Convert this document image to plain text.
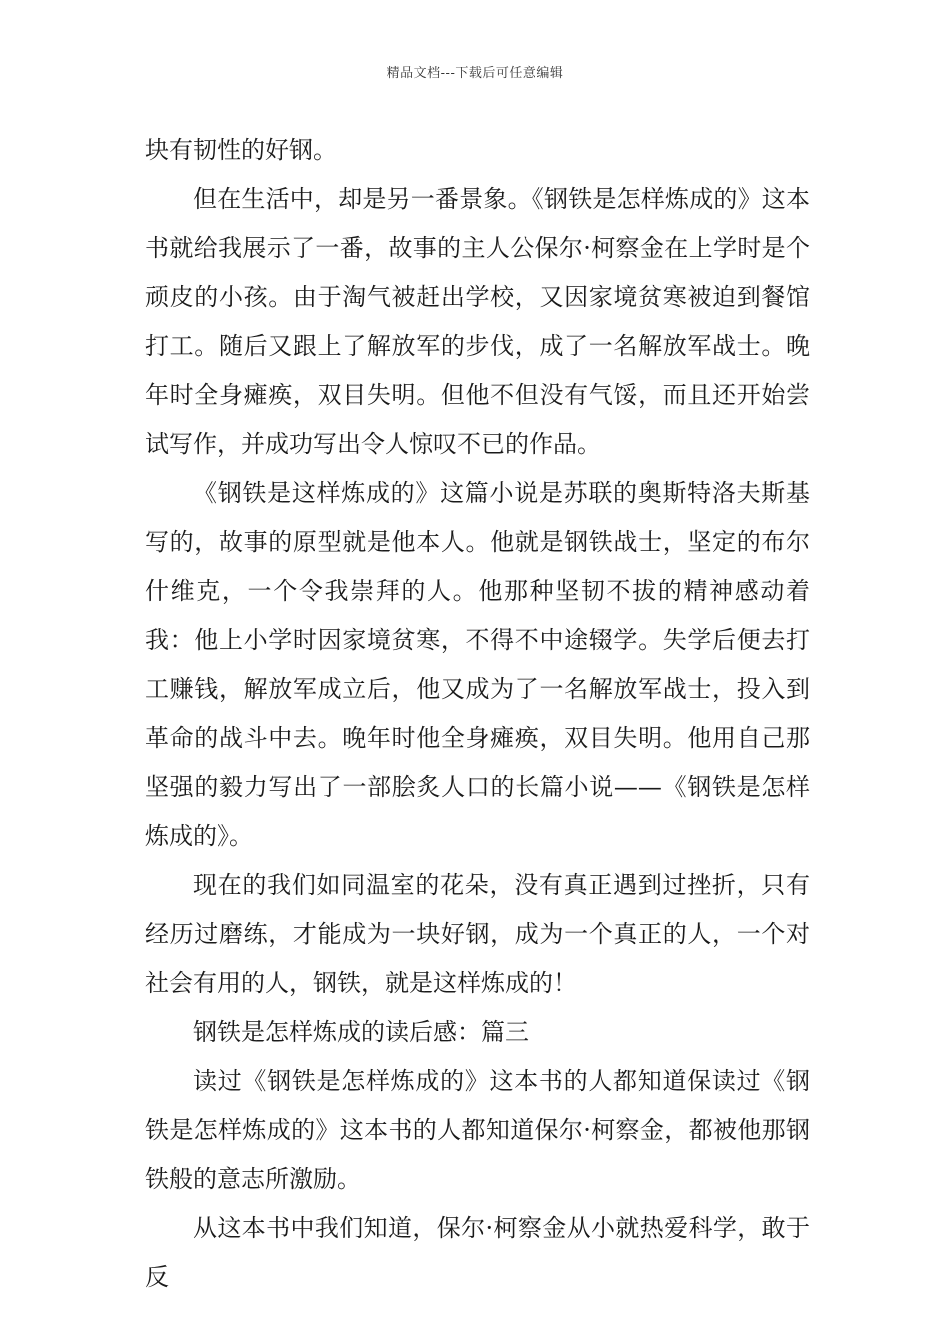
精品文档---下载后可任意编辑

块有韧性的好钢。

但在生活中，却是另一番景象。《钢铁是怎样炼成的》这本书就给我展示了一番，故事的主人公保尔·柯察金在上学时是个顽皮的小孩。由于淘气被赶出学校，又因家境贫寒被迫到餐馆打工。随后又跟上了解放军的步伐，成了一名解放军战士。晚年时全身瘫痪，双目失明。但他不但没有气馁，而且还开始尝试写作，并成功写出令人惊叹不已的作品。

《钢铁是这样炼成的》这篇小说是苏联的奥斯特洛夫斯基写的，故事的原型就是他本人。他就是钢铁战士，坚定的布尔什维克，一个令我崇拜的人。他那种坚韧不拔的精神感动着我：他上小学时因家境贫寒，不得不中途辍学。失学后便去打工赚钱，解放军成立后，他又成为了一名解放军战士，投入到革命的战斗中去。晚年时他全身瘫痪，双目失明。他用自己那坚强的毅力写出了一部脍炙人口的长篇小说——《钢铁是怎样炼成的》。

现在的我们如同温室的花朵，没有真正遇到过挫折，只有经历过磨练，才能成为一块好钢，成为一个真正的人，一个对社会有用的人，钢铁，就是这样炼成的！

钢铁是怎样炼成的读后感：篇三

读过《钢铁是怎样炼成的》这本书的人都知道保读过《钢铁是怎样炼成的》这本书的人都知道保尔·柯察金，都被他那钢铁般的意志所激励。

从这本书中我们知道，保尔·柯察金从小就热爱科学，敢于反
